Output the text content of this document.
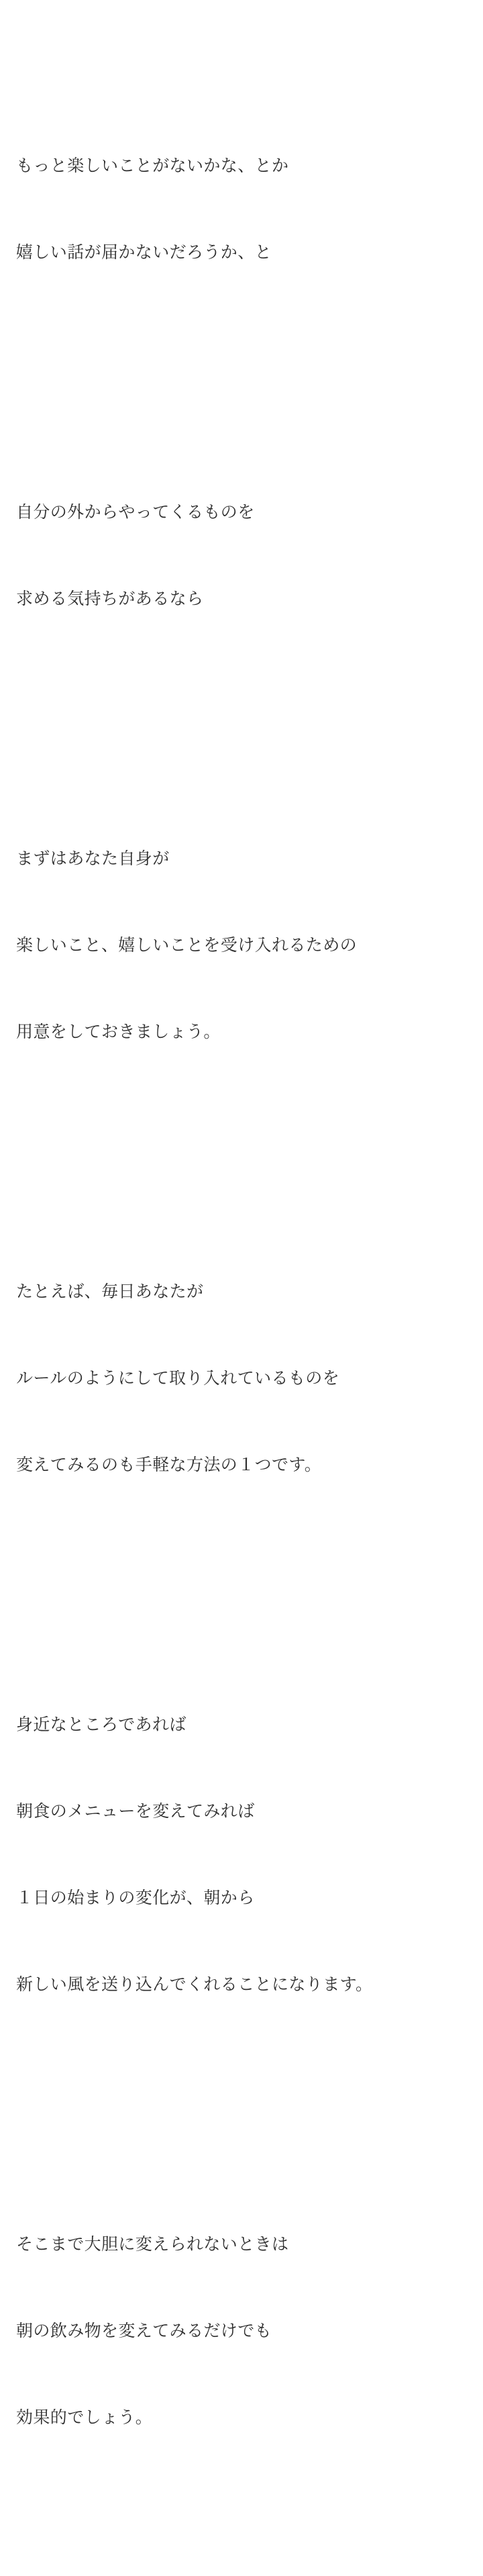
もっと楽しいことがないかな、とか

嬉しい話が届かないだろうか、と

自分の外からやってくるものを

求める気持ちがあるなら

まずはあなた自身が

楽しいこと、嬉しいことを受け入れるための

用意をしておきましょう。

たとえば、毎日あなたが

ルールのようにして取り入れているものを

変えてみるのも手軽な方法の１つです。

身近なところであれば

朝食のメニューを変えてみれば

１日の始まりの変化が、朝から

新しい風を送り込んでくれることになります。

そこまで大胆に変えられないときは

朝の飲み物を変えてみるだけでも

効果的でしょう。
